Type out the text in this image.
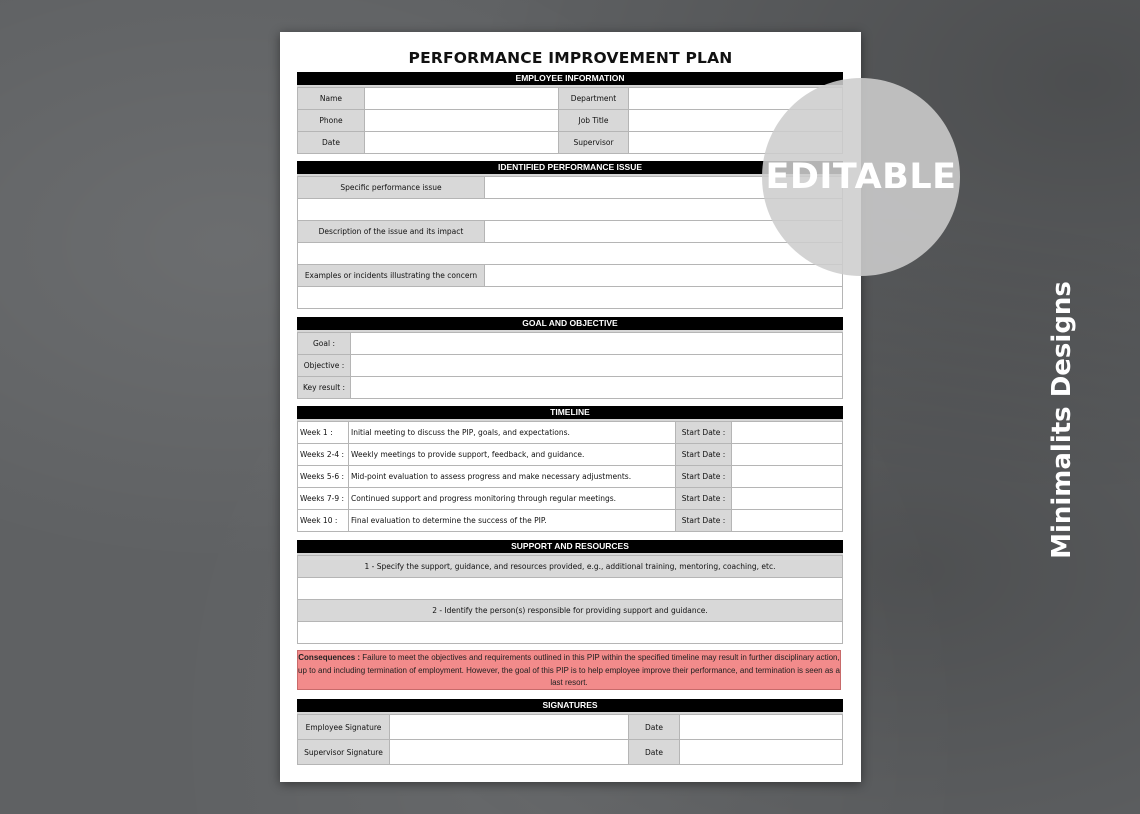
PERFORMANCE IMPROVEMENT PLAN
EMPLOYEE INFORMATION
Name		Department	
Phone		Job Title	
Date		Supervisor	
IDENTIFIED PERFORMANCE ISSUE
Specific performance issue	

Description of the issue and its impact	

Examples or incidents illustrating the concern	

GOAL AND OBJECTIVE
Goal :	
Objective :	
Key result :	
TIMELINE
Week 1 :	Initial meeting to discuss the PIP, goals, and expectations.	Start Date :	
Weeks 2-4 :	Weekly meetings to provide support, feedback, and guidance.	Start Date :	
Weeks 5-6 :	Mid-point evaluation to assess progress and make necessary adjustments.	Start Date :	
Weeks 7-9 :	Continued support and progress monitoring through regular meetings.	Start Date :	
Week 10 :	Final evaluation to determine the success of the PIP.	Start Date :	
SUPPORT AND RESOURCES
1 - Specify the support, guidance, and resources provided, e.g., additional training, mentoring, coaching, etc.

2 - Identify the person(s) responsible for providing support and guidance.

Consequences : Failure to meet the objectives and requirements outlined in this PIP within the specified timeline may result in further disciplinary action, up to and including termination of employment. However, the goal of this PIP is to help employee improve their performance, and termination is seen as a last resort.
SIGNATURES
Employee Signature		Date	
Supervisor Signature		Date	
EDITABLE
Minimalits Designs
